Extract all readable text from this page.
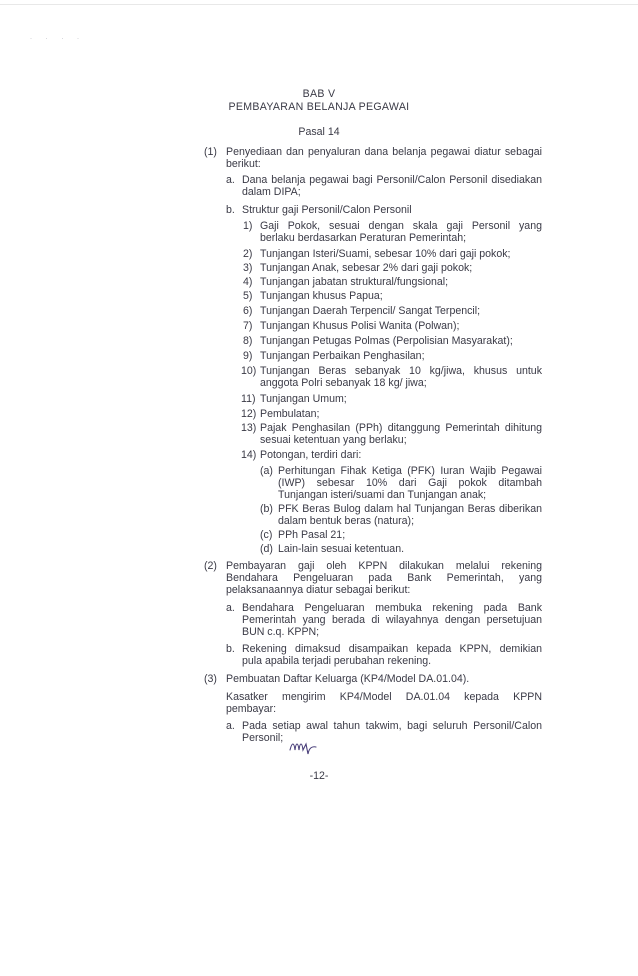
· · · ·
BAB V
PEMBAYARAN BELANJA PEGAWAI
Pasal 14
(1) Penyediaan dan penyaluran dana belanja pegawai diatur sebagai
berikut:
a. Dana belanja pegawai bagi Personil/Calon Personil disediakan
dalam DIPA;
b. Struktur gaji Personil/Calon Personil
1) Gaji Pokok, sesuai dengan skala gaji Personil yang
berlaku berdasarkan Peraturan Pemerintah;
2) Tunjangan Isteri/Suami, sebesar 10% dari gaji pokok;
3) Tunjangan Anak, sebesar 2% dari gaji pokok;
4) Tunjangan jabatan struktural/fungsional;
5) Tunjangan khusus Papua;
6) Tunjangan Daerah Terpencil/ Sangat Terpencil;
7) Tunjangan Khusus Polisi Wanita (Polwan);
8) Tunjangan Petugas Polmas (Perpolisian Masyarakat);
9) Tunjangan Perbaikan Penghasilan;
10) Tunjangan Beras sebanyak 10 kg/jiwa, khusus untuk
anggota Polri sebanyak 18 kg/ jiwa;
11) Tunjangan Umum;
12) Pembulatan;
13) Pajak Penghasilan (PPh) ditanggung Pemerintah dihitung
sesuai ketentuan yang berlaku;
14) Potongan, terdiri dari:
(a) Perhitungan Fihak Ketiga (PFK) Iuran Wajib Pegawai
(IWP) sebesar 10% dari Gaji pokok ditambah
Tunjangan isteri/suami dan Tunjangan anak;
(b) PFK Beras Bulog dalam hal Tunjangan Beras diberikan
dalam bentuk beras (natura);
(c) PPh Pasal 21;
(d) Lain-lain sesuai ketentuan.
(2) Pembayaran gaji oleh KPPN dilakukan melalui rekening
Bendahara Pengeluaran pada Bank Pemerintah, yang
pelaksanaannya diatur sebagai berikut:
a. Bendahara Pengeluaran membuka rekening pada Bank
Pemerintah yang berada di wilayahnya dengan persetujuan
BUN c.q. KPPN;
b. Rekening dimaksud disampaikan kepada KPPN, demikian
pula apabila terjadi perubahan rekening.
(3) Pembuatan Daftar Keluarga (KP4/Model DA.01.04).
Kasatker mengirim KP4/Model DA.01.04 kepada KPPN
pembayar:
a. Pada setiap awal tahun takwim, bagi seluruh Personil/Calon
Personil;
-12-
